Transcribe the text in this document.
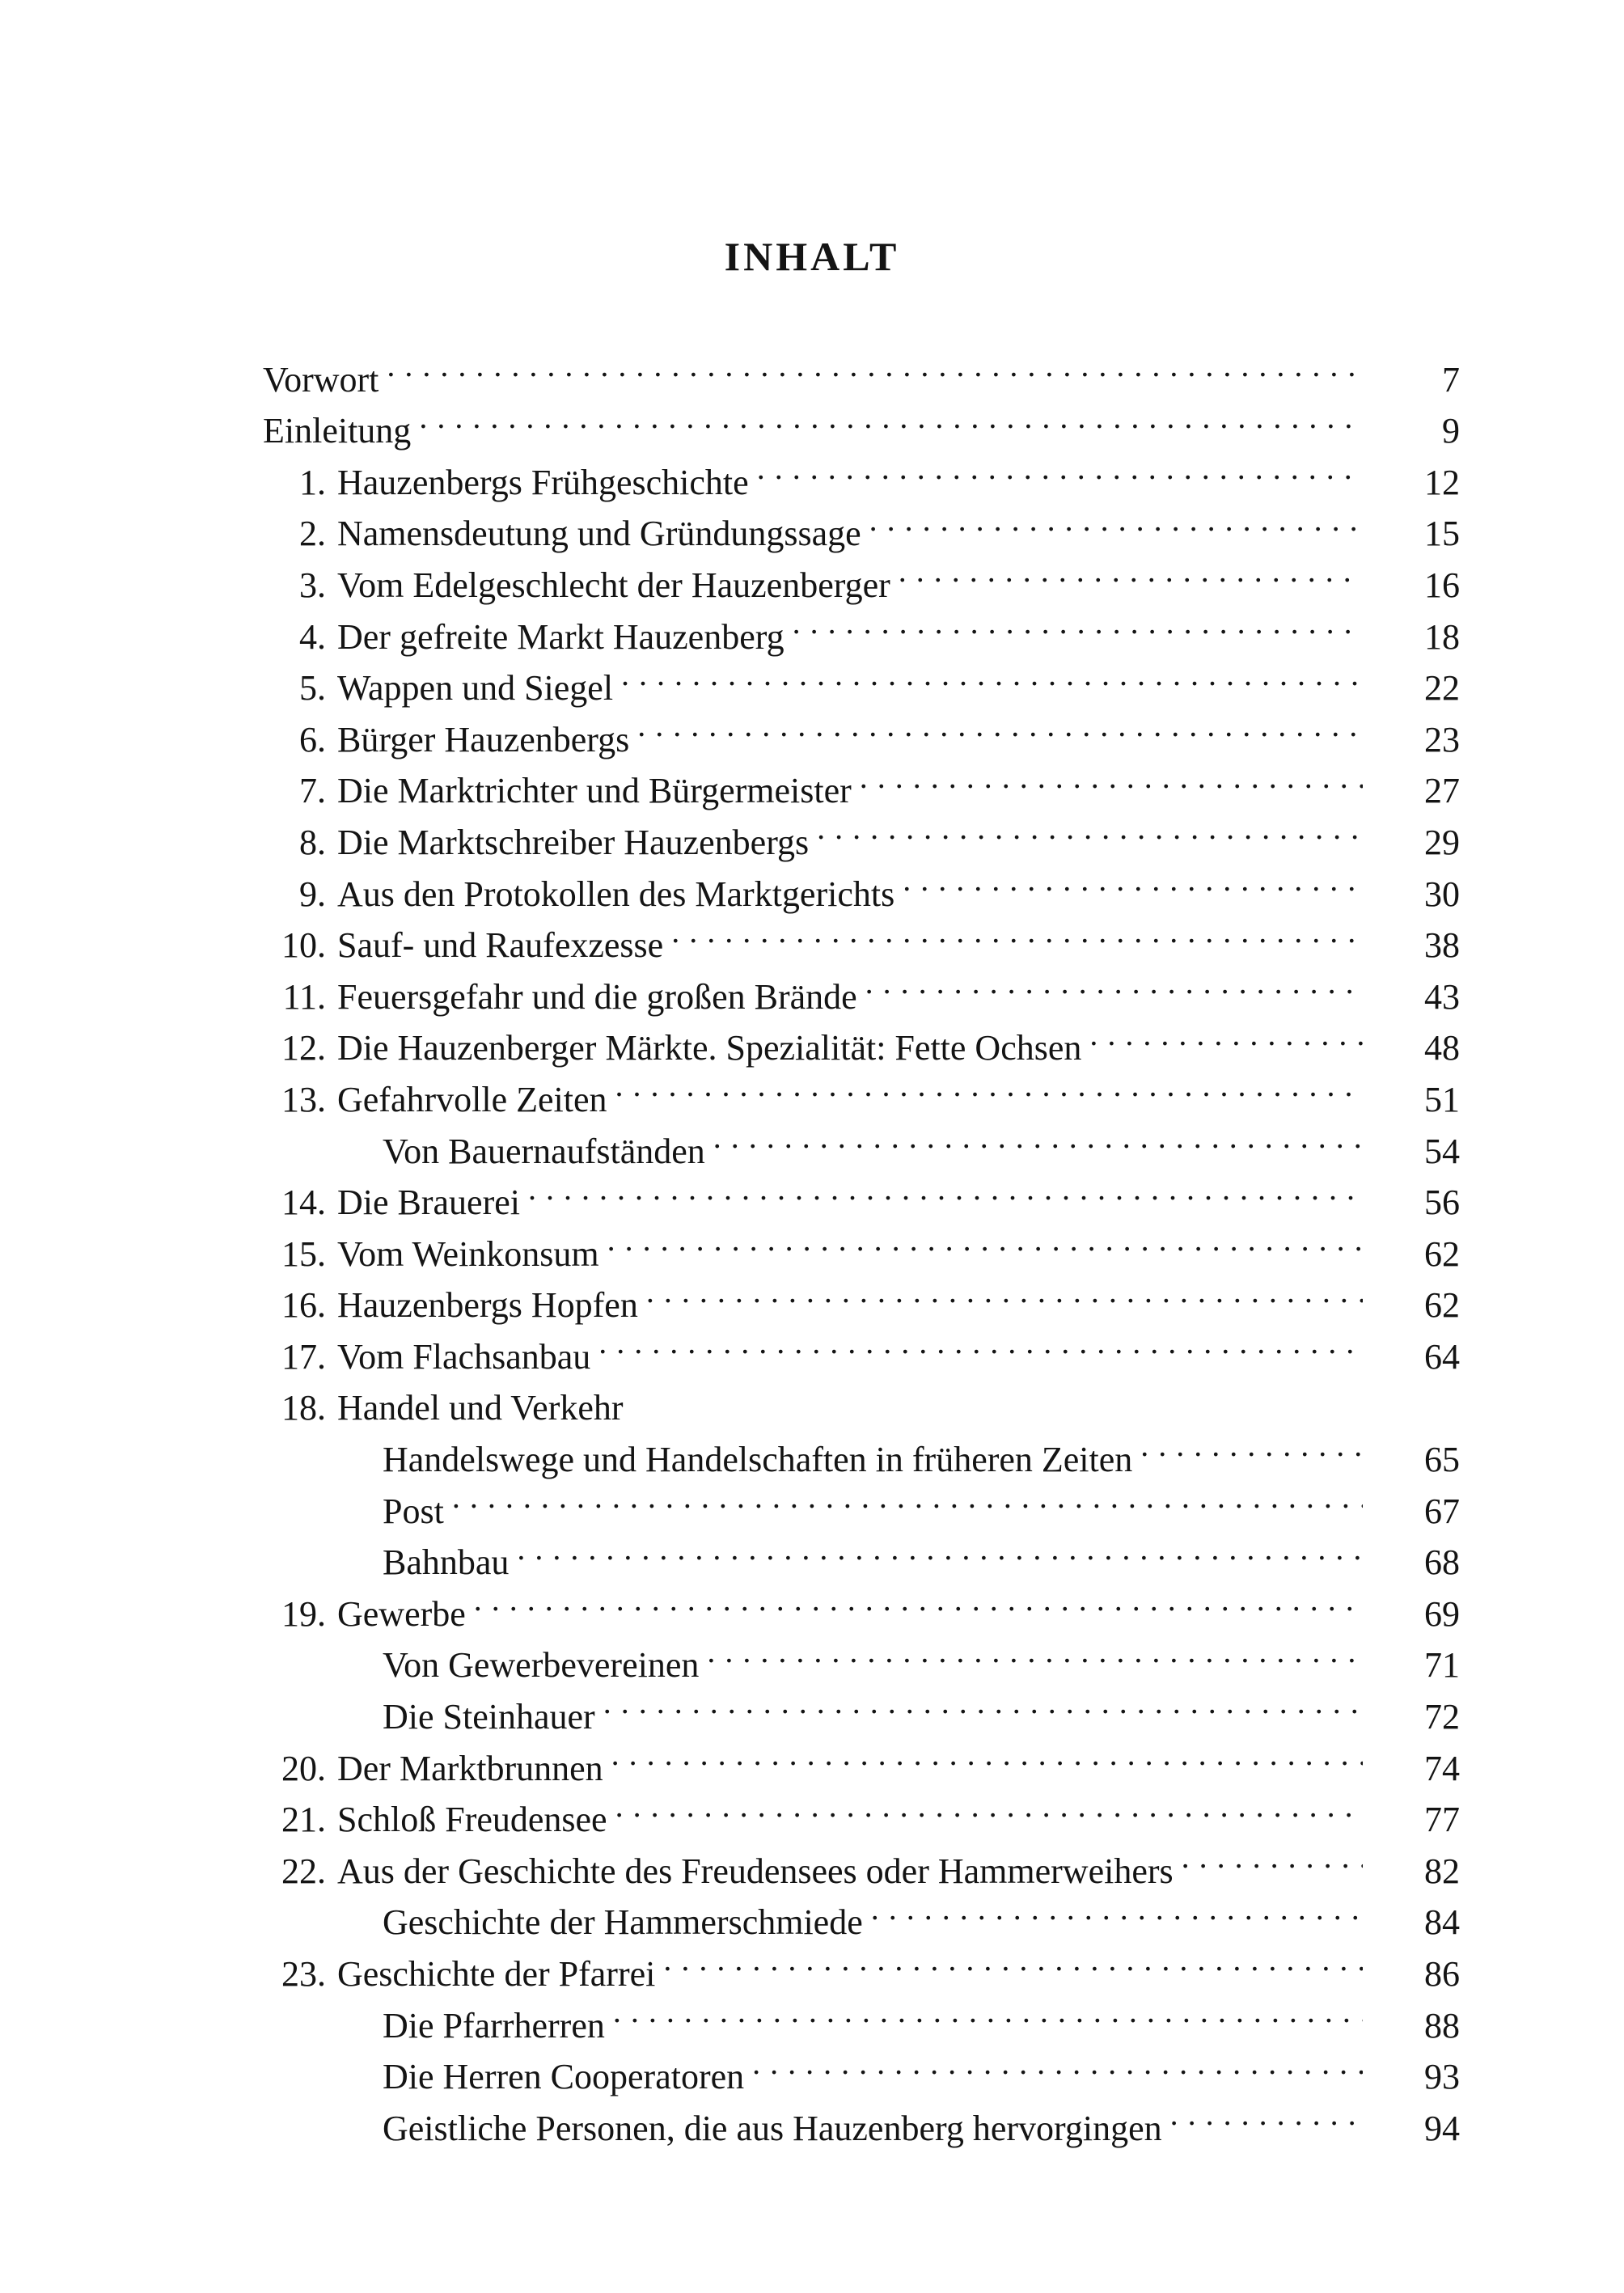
INHALT
Vorwort . . .	7
Einleitung . . .	9
1. Hauzenbergs Frühgeschichte . . .	12
2. Namensdeutung und Gründungssage . . .	15
3. Vom Edelgeschlecht der Hauzenberger . . .	16
4. Der gefreite Markt Hauzenberg . . .	18
5. Wappen und Siegel . . .	22
6. Bürger Hauzenbergs . . .	23
7. Die Marktrichter und Bürgermeister . . .	27
8. Die Marktschreiber Hauzenbergs . . .	29
9. Aus den Protokollen des Marktgerichts . . .	30
10. Sauf- und Raufexzesse . . .	38
11. Feuersgefahr und die großen Brände . . .	43
12. Die Hauzenberger Märkte. Spezialität: Fette Ochsen . . .	48
13. Gefahrvolle Zeiten . . .	51
Von Bauernaufständen . . .	54
14. Die Brauerei . . .	56
15. Vom Weinkonsum . . .	62
16. Hauzenbergs Hopfen . . .	62
17. Vom Flachsanbau . . .	64
18. Handel und Verkehr
Handelswege und Handelschaften in früheren Zeiten . . .	65
Post . . .	67
Bahnbau . . .	68
19. Gewerbe . . .	69
Von Gewerbevereinen . . .	71
Die Steinhauer . . .	72
20. Der Marktbrunnen . . .	74
21. Schloß Freudensee . . .	77
22. Aus der Geschichte des Freudensees oder Hammerweihers . . .	82
Geschichte der Hammerschmiede . . .	84
23. Geschichte der Pfarrei . . .	86
Die Pfarrherren . . .	88
Die Herren Cooperatoren . . .	93
Geistliche Personen, die aus Hauzenberg hervorgingen . . .	94
